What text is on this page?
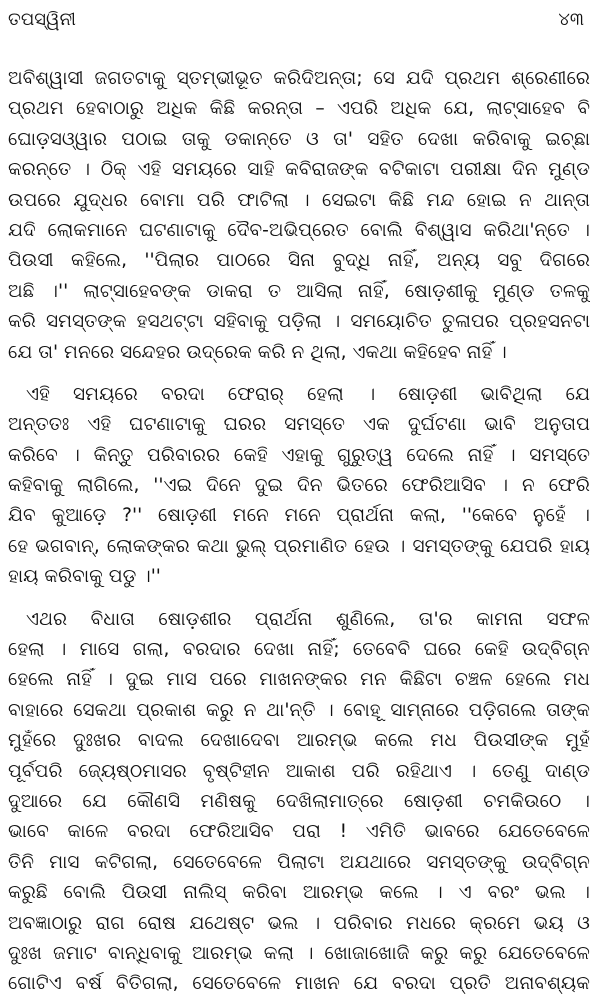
ତପସ୍ୱିନୀ	୪୩
ଅବିଶ୍ୱାସୀ ଜଗତଟାକୁ ସ୍ତମ୍ଭୀଭୂତ କରିଦିଅନ୍ତା; ସେ ଯଦି ପ୍ରଥମ ଶ୍ରେଣୀରେ
ପ୍ରଥମ ହେବାଠାରୁ ଅଧିକ କିଛି କରନ୍ତା – ଏପରି ଅଧିକ ଯେ, ଲାଟ୍‌ସାହେବ ବି
ଘୋଡ଼ସଓ୍ୱାର ପଠାଇ ତାକୁ ଡକାନ୍ତେ ଓ ତା' ସହିତ ଦେଖା କରିବାକୁ ଇଚ୍ଛା
କରନ୍ତେ । ଠିକ୍ ଏହି ସମୟରେ ସାହି କବିରାଜଙ୍କ ବଟିକାଟା ପରୀକ୍ଷା ଦିନ ମୁଣ୍ଡ
ଉପରେ ଯୁଦ୍ଧର ବୋମା ପରି ଫାଟିଲା । ସେଇଟା କିଛି ମନ୍ଦ ହୋଇ ନ ଥାନ୍ତା
ଯଦି ଲୋକମାନେ ଘଟଣାଟାକୁ ଦୈବ-ଅଭିପ୍ରେତ ବୋଲି ବିଶ୍ୱାସ କରିଥା'ନ୍ତେ ।
ପିଉସୀ କହିଲେ, ''ପିଲାର ପାଠରେ ସିନା ବୁଦ୍ଧି ନାହିଁ, ଅନ୍ୟ ସବୁ ଦିଗରେ
ଅଛି ।'' ଲାଟ୍‌ସାହେବଙ୍କ ଡାକରା ତ ଆସିଲା ନାହିଁ, ଷୋଡ଼ଶୀକୁ ମୁଣ୍ଡ ତଳକୁ
କରି ସମସ୍ତଙ୍କ ହସଥଟ୍ଟା ସହିବାକୁ ପଡ଼ିଲା । ସମୟୋଚିତ ତୁଳାପର ପ୍ରହସନଟା
ଯେ ତା' ମନରେ ସନ୍ଦେହର ଉଦ୍ରେକ କରି ନ ଥିଲା, ଏକଥା କହିହେବ ନାହିଁ ।
ଏହି ସମୟରେ ବରଦା ଫେରାର୍ ହେଲା । ଷୋଡ଼ଶୀ ଭାବିଥିଲା ଯେ
ଅନ୍ତତଃ ଏହି ଘଟଣାଟାକୁ ଘରର ସମସ୍ତେ ଏକ ଦୁର୍ଘଟଣା ଭାବି ଅନୁତାପ
କରିବେ । କିନ୍ତୁ ପରିବାରର କେହି ଏହାକୁ ଗୁରୁତ୍ୱ ଦେଲେ ନାହିଁ । ସମସ୍ତେ
କହିବାକୁ ଲାଗିଲେ, ''ଏଇ ଦିନେ ଦୁଇ ଦିନ ଭିତରେ ଫେରିଆସିବ । ନ ଫେରି
ଯିବ କୁଆଡ଼େ ?'' ଷୋଡ଼ଶୀ ମନେ ମନେ ପ୍ରାର୍ଥନା କଲା, ''କେବେ ନୁହେଁ ।
ହେ ଭଗବାନ୍, ଲୋକଙ୍କର କଥା ଭୁଲ୍ ପ୍ରମାଣିତ ହେଉ । ସମସ୍ତଙ୍କୁ ଯେପରି ହାୟ
ହାୟ କରିବାକୁ ପଡୁ ।''
ଏଥର ବିଧାତା ଷୋଡ଼ଶୀର ପ୍ରାର୍ଥନା ଶୁଣିଲେ, ତା'ର କାମନା ସଫଳ
ହେଲା । ମାସେ ଗଲା, ବରଦାର ଦେଖା ନାହିଁ; ତେବେବି ଘରେ କେହି ଉଦ୍‌ବିଗ୍ନ
ହେଲେ ନାହିଁ । ଦୁଇ ମାସ ପରେ ମାଖନଙ୍କର ମନ କିଛିଟା ଚଞ୍ଚଳ ହେଲେ ମଧ
ବାହାରେ ସେକଥା ପ୍ରକାଶ କରୁ ନ ଥା'ନ୍ତି । ବୋହୂ ସାମ୍ନାରେ ପଡ଼ିଗଲେ ତାଙ୍କ
ମୁହଁରେ ଦୁଃଖର ବାଦଲ ଦେଖାଦେବା ଆରମ୍ଭ କଲେ ମଧ ପିଉସୀଙ୍କ ମୁହଁ
ପୂର୍ବପରି ଜ୍ୟେଷ୍ଠମାସର ବୃଷ୍ଟିହୀନ ଆକାଶ ପରି ରହିଥାଏ । ତେଣୁ ଦାଣ୍ଡ
ଦୁଆରେ ଯେ କୌଣସି ମଣିଷକୁ ଦେଖିଲାମାତ୍ରେ ଷୋଡ଼ଶୀ ଚମକିଉଠେ ।
ଭାବେ କାଳେ ବରଦା ଫେରିଆସିବ ପରା ! ଏମିତି ଭାବରେ ଯେତେବେଳେ
ତିନି ମାସ କଟିଗଲା, ସେତେବେଳେ ପିଲାଟା ଅଯଥାରେ ସମସ୍ତଙ୍କୁ ଉଦ୍‌ବିଗ୍ନ
କରୁଛି ବୋଲି ପିଉସୀ ନାଲିସ୍ କରିବା ଆରମ୍ଭ କଲେ । ଏ ବରଂ ଭଲ ।
ଅବଜ୍ଞାଠାରୁ ରାଗ ରୋଷ ଯଥେଷ୍ଟ ଭଲ । ପରିବାର ମଧରେ କ୍ରମେ ଭୟ ଓ
ଦୁଃଖ ଜମାଟ ବାନ୍ଧିବାକୁ ଆରମ୍ଭ କଲା । ଖୋଜାଖୋଜି କରୁ କରୁ ଯେତେବେଳେ
ଗୋଟିଏ ବର୍ଷ ବିତିଗଲା, ସେତେବେଳେ ମାଖନ ଯେ ବରଦା ପ୍ରତି ଅନାବଶ୍ୟକ
